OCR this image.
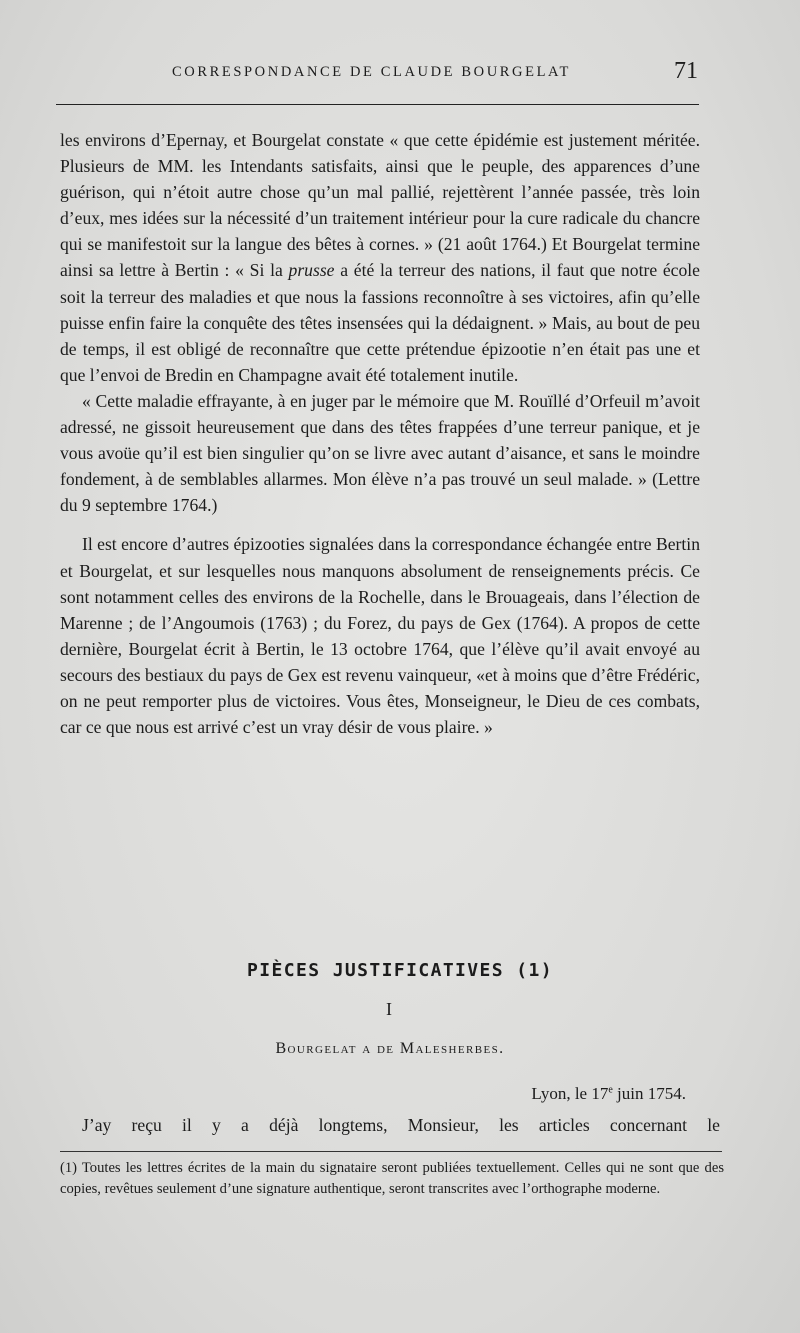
CORRESPONDANCE DE CLAUDE BOURGELAT	71

les environs d’Epernay, et Bourgelat constate « que cette épidémie est justement méritée. Plusieurs de MM. les Intendants satisfaits, ainsi que le peuple, des apparences d’une guérison, qui n’étoit autre chose qu’un mal pallié, rejettèrent l’année passée, très loin d’eux, mes idées sur la nécessité d’un traitement intérieur pour la cure radicale du chancre qui se manifestoit sur la langue des bêtes à cornes. » (21 août 1764.) Et Bourgelat termine ainsi sa lettre à Bertin : « Si la prusse a été la terreur des nations, il faut que notre école soit la terreur des maladies et que nous la fassions reconnoître à ses victoires, afin qu’elle puisse enfin faire la conquête des têtes insensées qui la dédaignent. » Mais, au bout de peu de temps, il est obligé de reconnaître que cette prétendue épizootie n’en était pas une et que l’envoi de Bredin en Champagne avait été totalement inutile.

« Cette maladie effrayante, à en juger par le mémoire que M. Rouïllé d’Orfeuil m’avoit adressé, ne gissoit heureusement que dans des têtes frappées d’une terreur panique, et je vous avoüe qu’il est bien singulier qu’on se livre avec autant d’aisance, et sans le moindre fondement, à de semblables allarmes. Mon élève n’a pas trouvé un seul malade. » (Lettre du 9 septembre 1764.)

Il est encore d’autres épizooties signalées dans la correspondance échangée entre Bertin et Bourgelat, et sur lesquelles nous manquons absolument de renseignements précis. Ce sont notamment celles des environs de la Rochelle, dans le Brouageais, dans l’élection de Marenne ; de l’Angoumois (1763) ; du Forez, du pays de Gex (1764). A propos de cette dernière, Bourgelat écrit à Bertin, le 13 octobre 1764, que l’élève qu’il avait envoyé au secours des bestiaux du pays de Gex est revenu vainqueur, «et à moins que d’être Frédéric, on ne peut remporter plus de victoires. Vous êtes, Monseigneur, le Dieu de ces combats, car ce que nous est arrivé c’est un vray désir de vous plaire. »

PIÈCES JUSTIFICATIVES (1)
I
Bourgelat a de Malesherbes.
Lyon, le 17e juin 1754.
J’ay reçu il y a déjà longtems, Monsieur, les articles concernant le
(1) Toutes les lettres écrites de la main du signataire seront publiées textuellement. Celles qui ne sont que des copies, revêtues seulement d’une signature authentique, seront transcrites avec l’orthographe moderne.
